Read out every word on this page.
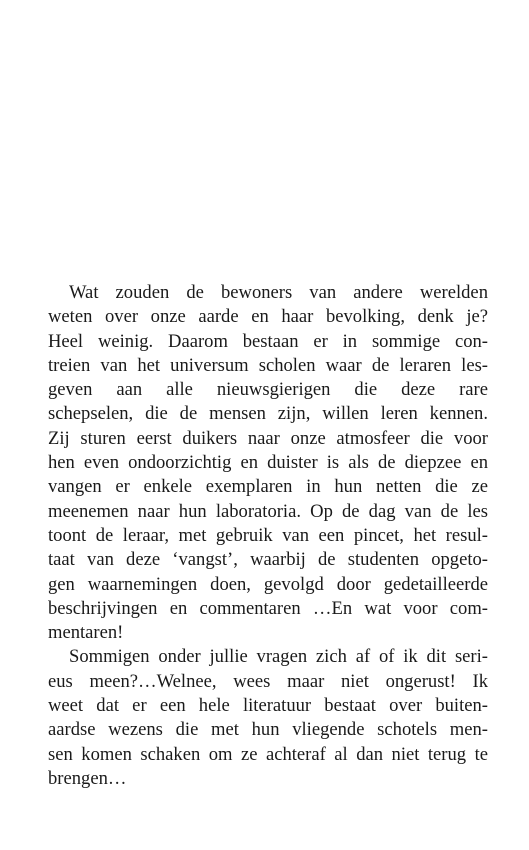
Wat zouden de bewoners van andere werelden
weten over onze aarde en haar bevolking, denk je?
Heel weinig. Daarom bestaan er in sommige con-
treien van het universum scholen waar de leraren les-
geven aan alle nieuwsgierigen die deze rare
schepselen, die de mensen zijn, willen leren kennen.
Zij sturen eerst duikers naar onze atmosfeer die voor
hen even ondoorzichtig en duister is als de diepzee en
vangen er enkele exemplaren in hun netten die ze
meenemen naar hun laboratoria. Op de dag van de les
toont de leraar, met gebruik van een pincet, het resul-
taat van deze ‘vangst’, waarbij de studenten opgeto-
gen waarnemingen doen, gevolgd door gedetailleerde
beschrijvingen en commentaren …En wat voor com-
mentaren!
Sommigen onder jullie vragen zich af of ik dit seri-
eus meen?…Welnee, wees maar niet ongerust! Ik
weet dat er een hele literatuur bestaat over buiten-
aardse wezens die met hun vliegende schotels men-
sen komen schaken om ze achteraf al dan niet terug te
brengen…
